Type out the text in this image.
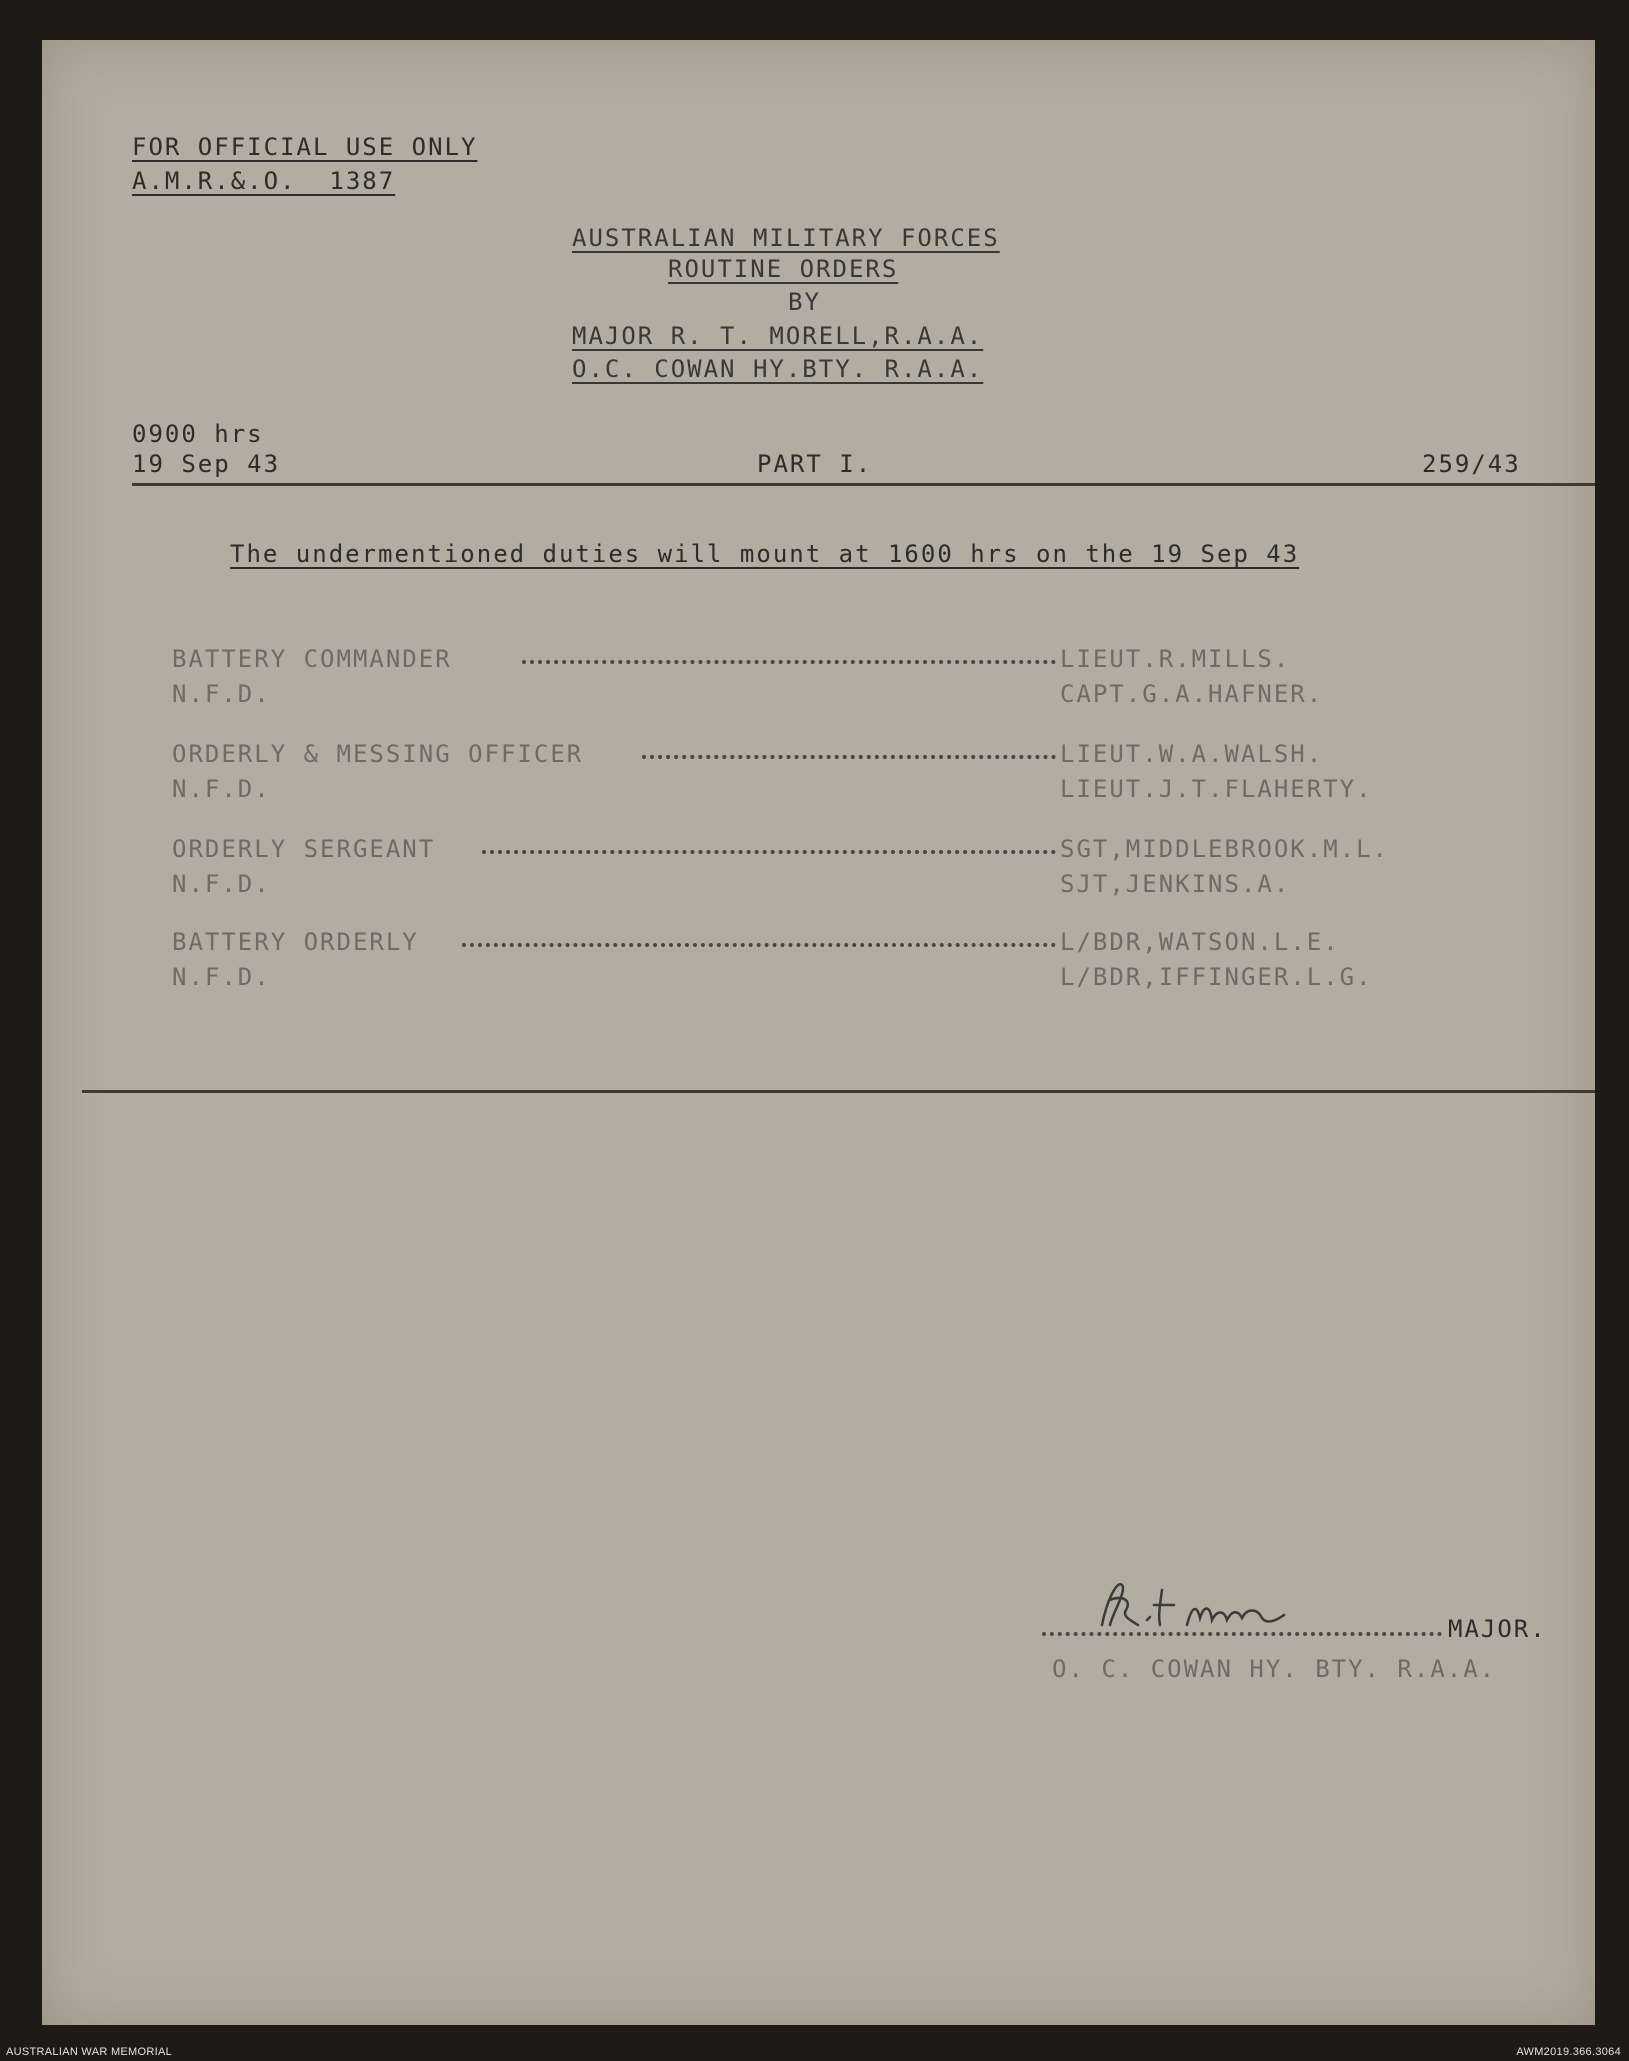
FOR OFFICIAL USE ONLY
A.M.R.&.O.  1387
AUSTRALIAN MILITARY FORCES
ROUTINE ORDERS
BY
MAJOR R. T. MORELL,R.A.A.
O.C. COWAN HY.BTY. R.A.A.
0900 hrs
19 Sep 43	PART I.	259/43
The undermentioned duties will mount at 1600 hrs on the 19 Sep 43
BATTERY COMMANDER	LIEUT.R.MILLS.
N.F.D.	CAPT.G.A.HAFNER.
ORDERLY & MESSING OFFICER	LIEUT.W.A.WALSH.
N.F.D.	LIEUT.J.T.FLAHERTY.
ORDERLY SERGEANT	SGT,MIDDLEBROOK.M.L.
N.F.D.	SJT,JENKINS.A.
BATTERY ORDERLY	L/BDR,WATSON.L.E.
N.F.D.	L/BDR,IFFINGER.L.G.
MAJOR.
O. C. COWAN HY. BTY. R.A.A.
AUSTRALIAN WAR MEMORIAL	AWM2019.366.3064
